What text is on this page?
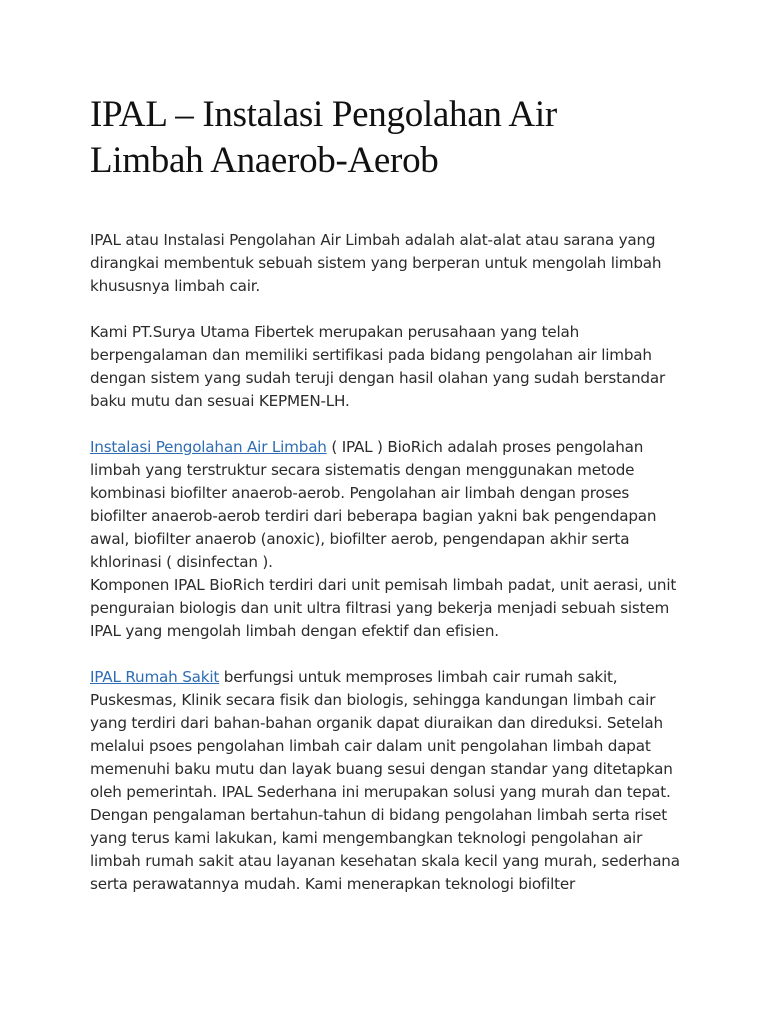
IPAL – Instalasi Pengolahan Air
Limbah Anaerob-Aerob

IPAL atau Instalasi Pengolahan Air Limbah adalah alat-alat atau sarana yang dirangkai membentuk sebuah sistem yang berperan untuk mengolah limbah khususnya limbah cair.

Kami PT.Surya Utama Fibertek merupakan perusahaan yang telah berpengalaman dan memiliki sertifikasi pada bidang pengolahan air limbah dengan sistem yang sudah teruji dengan hasil olahan yang sudah berstandar baku mutu dan sesuai KEPMEN-LH.

Instalasi Pengolahan Air Limbah ( IPAL ) BioRich adalah proses pengolahan limbah yang terstruktur secara sistematis dengan menggunakan metode kombinasi biofilter anaerob-aerob. Pengolahan air limbah dengan proses biofilter anaerob-aerob terdiri dari beberapa bagian yakni bak pengendapan awal, biofilter anaerob (anoxic), biofilter aerob, pengendapan akhir serta khlorinasi ( disinfectan ).
Komponen IPAL BioRich terdiri dari unit pemisah limbah padat, unit aerasi, unit penguraian biologis dan unit ultra filtrasi yang bekerja menjadi sebuah sistem IPAL yang mengolah limbah dengan efektif dan efisien.
IPAL Rumah Sakit berfungsi untuk memproses limbah cair rumah sakit, Puskesmas, Klinik secara fisik dan biologis, sehingga kandungan limbah cair yang terdiri dari bahan-bahan organik dapat diuraikan dan direduksi. Setelah melalui psoes pengolahan limbah cair dalam unit pengolahan limbah dapat memenuhi baku mutu dan layak buang sesui dengan standar yang ditetapkan oleh pemerintah. IPAL Sederhana ini merupakan solusi yang murah dan tepat.
Dengan pengalaman bertahun-tahun di bidang pengolahan limbah serta riset yang terus kami lakukan, kami mengembangkan teknologi pengolahan air limbah rumah sakit atau layanan kesehatan skala kecil yang murah, sederhana serta perawatannya mudah. Kami menerapkan teknologi biofilter
